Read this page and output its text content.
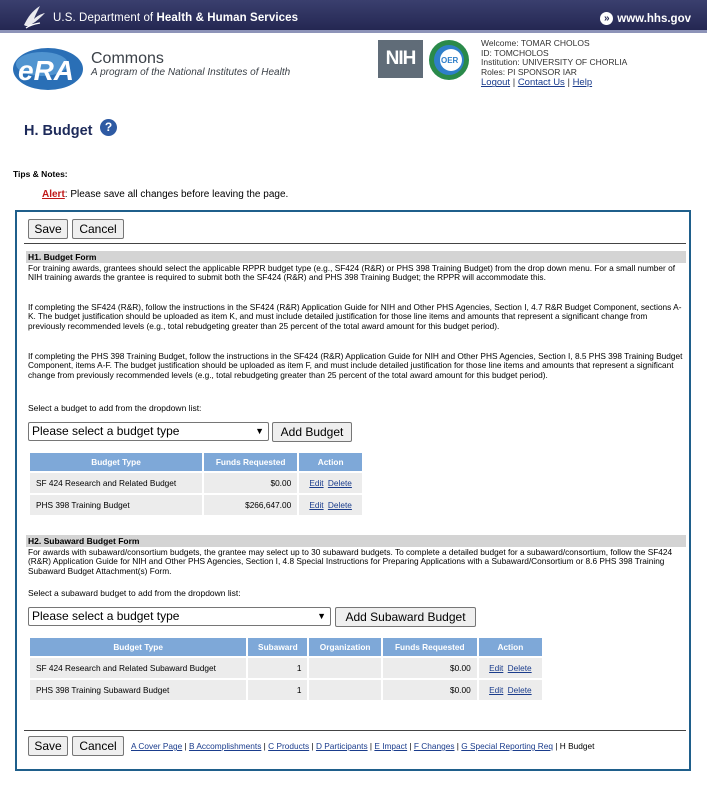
U.S. Department of Health & Human Services	» www.hhs.gov
eRA Commons
A program of the National Institutes of Health
NIH	OER
Welcome: TOMAR CHOLOS
ID: TOMCHOLOS
Institution: UNIVERSITY OF CHORLIA
Roles: PI SPONSOR IAR
Logout | Contact Us | Help
H. Budget	?
Tips & Notes:
Alert: Please save all changes before leaving the page.
Save	Cancel
H1. Budget Form
For training awards, grantees should select the applicable RPPR budget type (e.g., SF424 (R&R) or PHS 398 Training Budget) from the drop down menu. For a small number of NIH training awards the grantee is required to submit both the SF424 (R&R) and PHS 398 Training Budget; the RPPR will accommodate this.
If completing the SF424 (R&R), follow the instructions in the SF424 (R&R) Application Guide for NIH and Other PHS Agencies, Section I, 4.7 R&R Budget Component, sections A-K. The budget justification should be uploaded as item K, and must include detailed justification for those line items and amounts that represent a significant change from previously recommended levels (e.g., total rebudgeting greater than 25 percent of the total award amount for this budget period).
If completing the PHS 398 Training Budget, follow the instructions in the SF424 (R&R) Application Guide for NIH and Other PHS Agencies, Section I, 8.5 PHS 398 Training Budget Component, items A-F. The budget justification should be uploaded as item F, and must include detailed justification for those line items and amounts that represent a significant change from previously recommended levels (e.g., total rebudgeting greater than 25 percent of the total award amount for this budget period).
Select a budget to add from the dropdown list:
Please select a budget type	▼	Add Budget
Budget Type	Funds Requested	Action
SF 424 Research and Related Budget	$0.00	Edit Delete
PHS 398 Training Budget	$266,647.00	Edit Delete
H2. Subaward Budget Form
For awards with subaward/consortium budgets, the grantee may select up to 30 subaward budgets. To complete a detailed budget for a subaward/consortium, follow the SF424 (R&R) Application Guide for NIH and Other PHS Agencies, Section I, 4.8 Special Instructions for Preparing Applications with a Subaward/Consortium or 8.6 PHS 398 Training Subaward Budget Attachment(s) Form.
Select a subaward budget to add from the dropdown list:
Please select a budget type	▼	Add Subaward Budget
Budget Type	Subaward	Organization	Funds Requested	Action
SF 424 Research and Related Subaward Budget	1		$0.00	Edit Delete
PHS 398 Training Subaward Budget	1		$0.00	Edit Delete
Save	Cancel	A Cover Page | B Accomplishments | C Products | D Participants | E Impact | F Changes | G Special Reporting Req | H Budget
